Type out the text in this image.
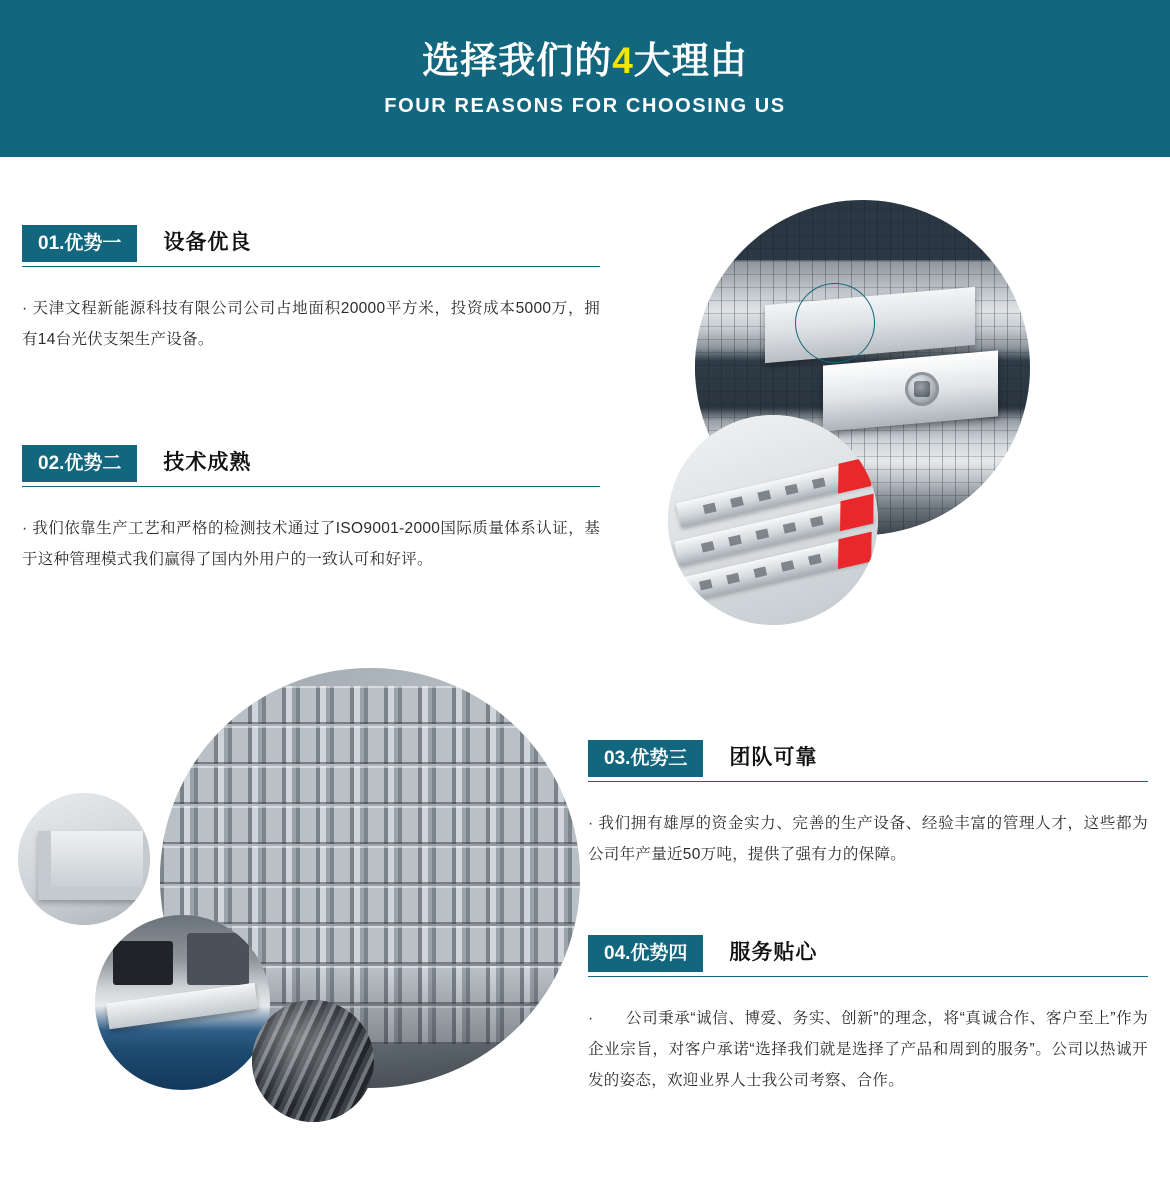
选择我们的4大理由
FOUR REASONS FOR CHOOSING US
01.优势一	设备优良
· 天津文程新能源科技有限公司公司占地面积20000平方米，投资成本5000万，拥有14台光伏支架生产设备。
02.优势二	技术成熟
· 我们依靠生产工艺和严格的检测技术通过了ISO9001-2000国际质量体系认证，基于这种管理模式我们赢得了国内外用户的一致认可和好评。
03.优势三	团队可靠
· 我们拥有雄厚的资金实力、完善的生产设备、经验丰富的管理人才，这些都为公司年产量近50万吨，提供了强有力的保障。
04.优势四	服务贴心
·　　公司秉承“诚信、博爱、务实、创新”的理念，将“真诚合作、客户至上”作为企业宗旨，对客户承诺“选择我们就是选择了产品和周到的服务”。公司以热诚开发的姿态，欢迎业界人士我公司考察、合作。
